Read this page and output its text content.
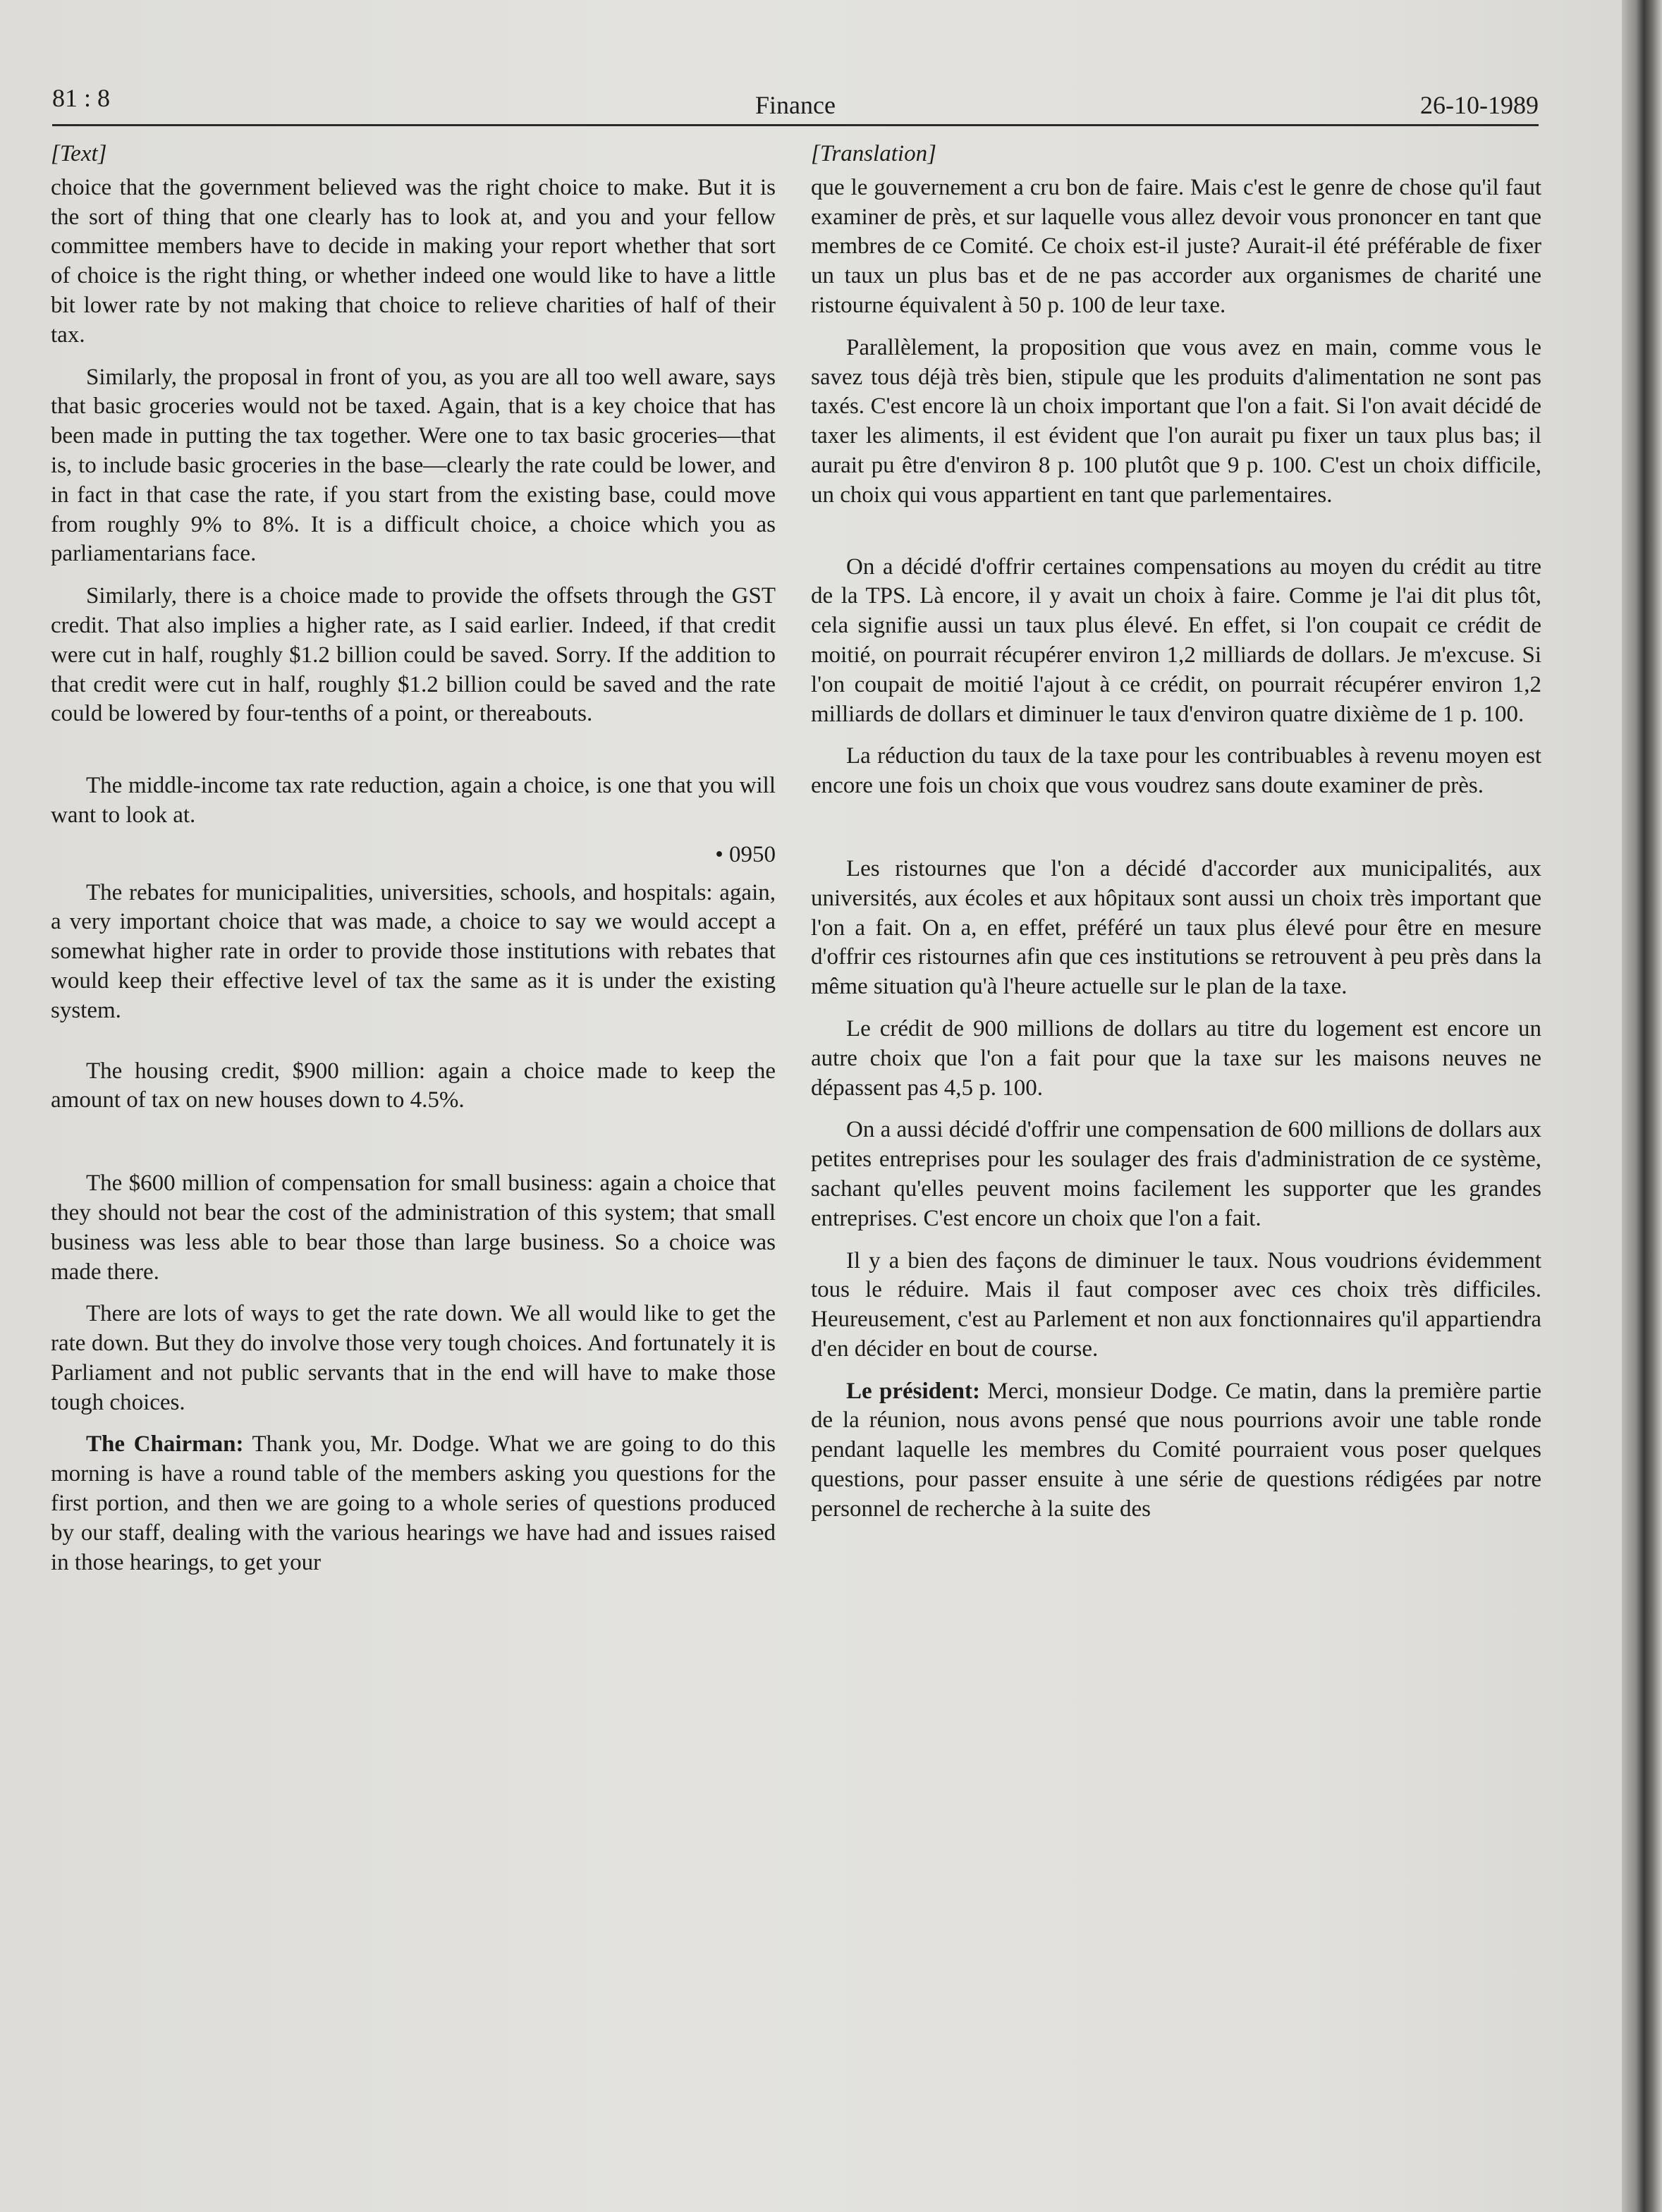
81 : 8	Finance	26-10-1989
[Text]

choice that the government believed was the right choice to make. But it is the sort of thing that one clearly has to look at, and you and your fellow committee members have to decide in making your report whether that sort of choice is the right thing, or whether indeed one would like to have a little bit lower rate by not making that choice to relieve charities of half of their tax.

Similarly, the proposal in front of you, as you are all too well aware, says that basic groceries would not be taxed. Again, that is a key choice that has been made in putting the tax together. Were one to tax basic groceries—that is, to include basic groceries in the base—clearly the rate could be lower, and in fact in that case the rate, if you start from the existing base, could move from roughly 9% to 8%. It is a difficult choice, a choice which you as parliamentarians face.

Similarly, there is a choice made to provide the offsets through the GST credit. That also implies a higher rate, as I said earlier. Indeed, if that credit were cut in half, roughly $1.2 billion could be saved. Sorry. If the addition to that credit were cut in half, roughly $1.2 billion could be saved and the rate could be lowered by four-tenths of a point, or thereabouts.

The middle-income tax rate reduction, again a choice, is one that you will want to look at.

• 0950

The rebates for municipalities, universities, schools, and hospitals: again, a very important choice that was made, a choice to say we would accept a somewhat higher rate in order to provide those institutions with rebates that would keep their effective level of tax the same as it is under the existing system.

The housing credit, $900 million: again a choice made to keep the amount of tax on new houses down to 4.5%.

The $600 million of compensation for small business: again a choice that they should not bear the cost of the administration of this system; that small business was less able to bear those than large business. So a choice was made there.

There are lots of ways to get the rate down. We all would like to get the rate down. But they do involve those very tough choices. And fortunately it is Parliament and not public servants that in the end will have to make those tough choices.

The Chairman: Thank you, Mr. Dodge. What we are going to do this morning is have a round table of the members asking you questions for the first portion, and then we are going to a whole series of questions produced by our staff, dealing with the various hearings we have had and issues raised in those hearings, to get your

[Translation]

que le gouvernement a cru bon de faire. Mais c'est le genre de chose qu'il faut examiner de près, et sur laquelle vous allez devoir vous prononcer en tant que membres de ce Comité. Ce choix est-il juste? Aurait-il été préférable de fixer un taux un plus bas et de ne pas accorder aux organismes de charité une ristourne équivalent à 50 p. 100 de leur taxe.

Parallèlement, la proposition que vous avez en main, comme vous le savez tous déjà très bien, stipule que les produits d'alimentation ne sont pas taxés. C'est encore là un choix important que l'on a fait. Si l'on avait décidé de taxer les aliments, il est évident que l'on aurait pu fixer un taux plus bas; il aurait pu être d'environ 8 p. 100 plutôt que 9 p. 100. C'est un choix difficile, un choix qui vous appartient en tant que parlementaires.

On a décidé d'offrir certaines compensations au moyen du crédit au titre de la TPS. Là encore, il y avait un choix à faire. Comme je l'ai dit plus tôt, cela signifie aussi un taux plus élevé. En effet, si l'on coupait ce crédit de moitié, on pourrait récupérer environ 1,2 milliards de dollars. Je m'excuse. Si l'on coupait de moitié l'ajout à ce crédit, on pourrait récupérer environ 1,2 milliards de dollars et diminuer le taux d'environ quatre dixième de 1 p. 100.

La réduction du taux de la taxe pour les contribuables à revenu moyen est encore une fois un choix que vous voudrez sans doute examiner de près.

Les ristournes que l'on a décidé d'accorder aux municipalités, aux universités, aux écoles et aux hôpitaux sont aussi un choix très important que l'on a fait. On a, en effet, préféré un taux plus élevé pour être en mesure d'offrir ces ristournes afin que ces institutions se retrouvent à peu près dans la même situation qu'à l'heure actuelle sur le plan de la taxe.

Le crédit de 900 millions de dollars au titre du logement est encore un autre choix que l'on a fait pour que la taxe sur les maisons neuves ne dépassent pas 4,5 p. 100.

On a aussi décidé d'offrir une compensation de 600 millions de dollars aux petites entreprises pour les soulager des frais d'administration de ce système, sachant qu'elles peuvent moins facilement les supporter que les grandes entreprises. C'est encore un choix que l'on a fait.

Il y a bien des façons de diminuer le taux. Nous voudrions évidemment tous le réduire. Mais il faut composer avec ces choix très difficiles. Heureusement, c'est au Parlement et non aux fonctionnaires qu'il appartiendra d'en décider en bout de course.

Le président: Merci, monsieur Dodge. Ce matin, dans la première partie de la réunion, nous avons pensé que nous pourrions avoir une table ronde pendant laquelle les membres du Comité pourraient vous poser quelques questions, pour passer ensuite à une série de questions rédigées par notre personnel de recherche à la suite des
